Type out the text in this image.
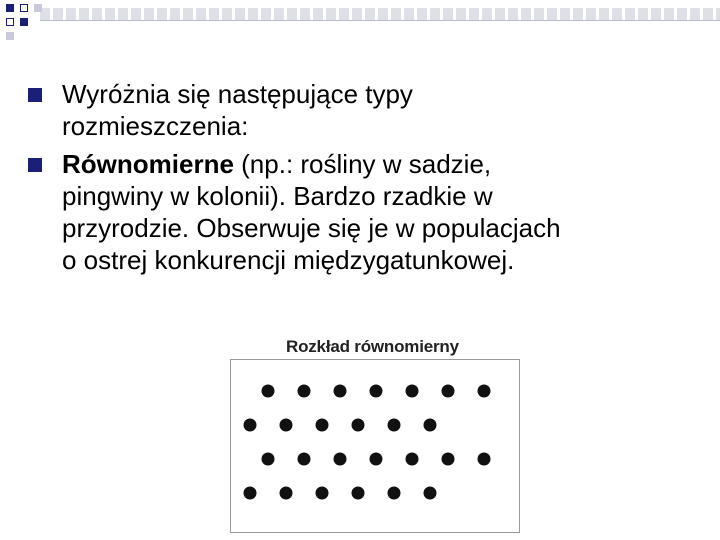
Wyróżnia się następujące typy
rozmieszczenia:
Równomierne (np.: rośliny w sadzie,
pingwiny w kolonii). Bardzo rzadkie w
przyrodzie. Obserwuje się je w populacjach
o ostrej konkurencji międzygatunkowej.
Rozkład równomierny
